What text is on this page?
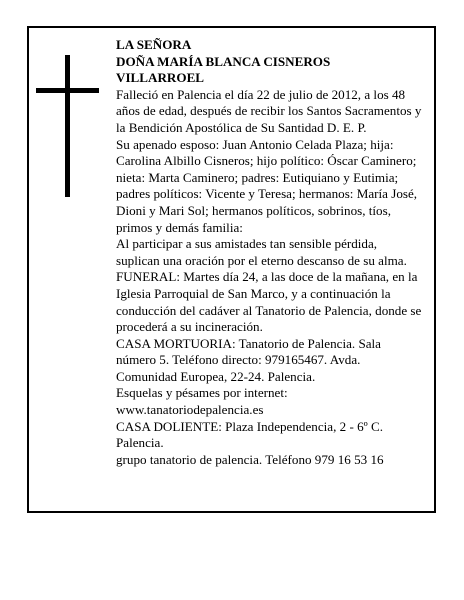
LA SEÑORA
DOÑA MARÍA BLANCA CISNEROS
VILLARROEL

Falleció en Palencia el día 22 de julio de 2012, a los 48 años de edad, después de recibir los Santos Sacramentos y la Bendición Apostólica de Su Santidad D. E. P.

Su apenado esposo: Juan Antonio Celada Plaza; hija: Carolina Albillo Cisneros; hijo político: Óscar Caminero; nieta: Marta Caminero; padres: Eutiquiano y Eutimia; padres políticos: Vicente y Teresa; hermanos: María José, Dioni y Mari Sol; hermanos políticos, sobrinos, tíos, primos y demás familia:

Al participar a sus amistades tan sensible pérdida, suplican una oración por el eterno descanso de su alma.

FUNERAL: Martes día 24, a las doce de la mañana, en la Iglesia Parroquial de San Marco, y a continuación la conducción del cadáver al Tanatorio de Palencia, donde se procederá a su incineración.

CASA MORTUORIA: Tanatorio de Palencia. Sala número 5. Teléfono directo: 979165467. Avda. Comunidad Europea, 22-24. Palencia.

Esquelas y pésames por internet: www.tanatoriodepalencia.es

CASA DOLIENTE: Plaza Independencia, 2 - 6º C. Palencia.

grupo tanatorio de palencia. Teléfono 979 16 53 16
